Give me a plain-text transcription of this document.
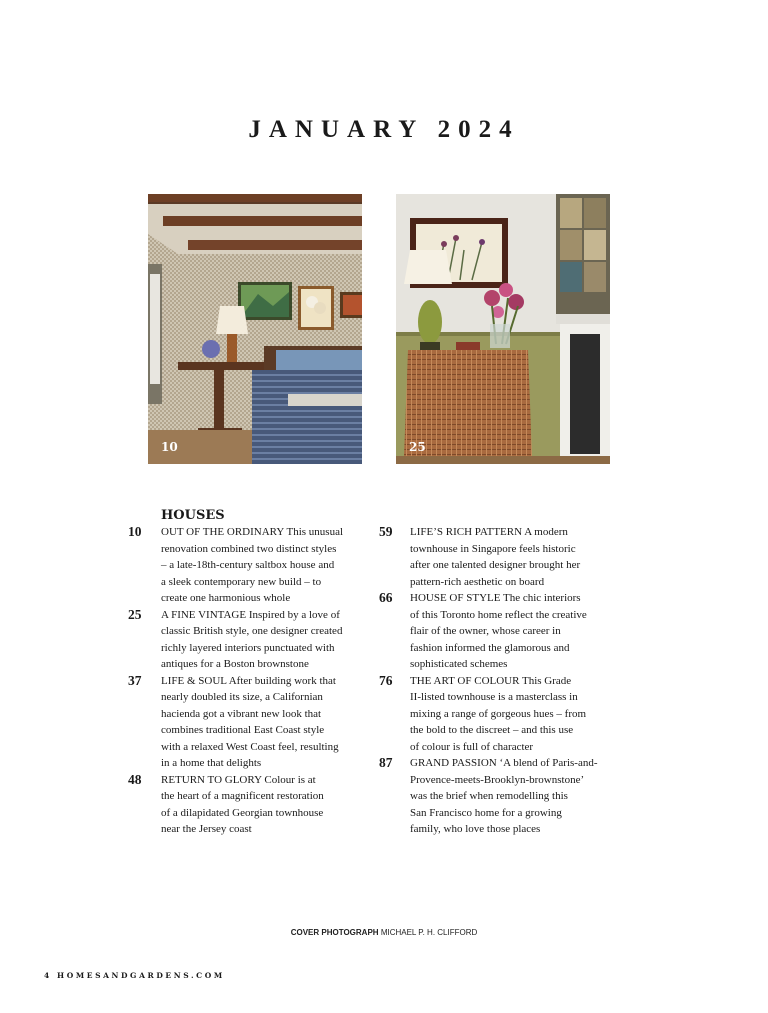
JANUARY 2024
10	25
HOUSES

10	OUT OF THE ORDINARY This unusual
renovation combined two distinct styles
– a late-18th-century saltbox house and
a sleek contemporary new build – to
create one harmonious whole

25	A FINE VINTAGE Inspired by a love of
classic British style, one designer created
richly layered interiors punctuated with
antiques for a Boston brownstone

37	LIFE & SOUL After building work that
nearly doubled its size, a Californian
hacienda got a vibrant new look that
combines traditional East Coast style
with a relaxed West Coast feel, resulting
in a home that delights

48	RETURN TO GLORY Colour is at
the heart of a magnificent restoration
of a dilapidated Georgian townhouse
near the Jersey coast

59	LIFE’S RICH PATTERN A modern
townhouse in Singapore feels historic
after one talented designer brought her
pattern-rich aesthetic on board

66	HOUSE OF STYLE The chic interiors
of this Toronto home reflect the creative
flair of the owner, whose career in
fashion informed the glamorous and
sophisticated schemes

76	THE ART OF COLOUR This Grade
II-listed townhouse is a masterclass in
mixing a range of gorgeous hues – from
the bold to the discreet – and this use
of colour is full of character

87	GRAND PASSION ‘A blend of Paris-and-
Provence-meets-Brooklyn-brownstone’
was the brief when remodelling this
San Francisco home for a growing
family, who love those places

COVER PHOTOGRAPH MICHAEL P. H. CLIFFORD
4 HOMESANDGARDENS.COM
